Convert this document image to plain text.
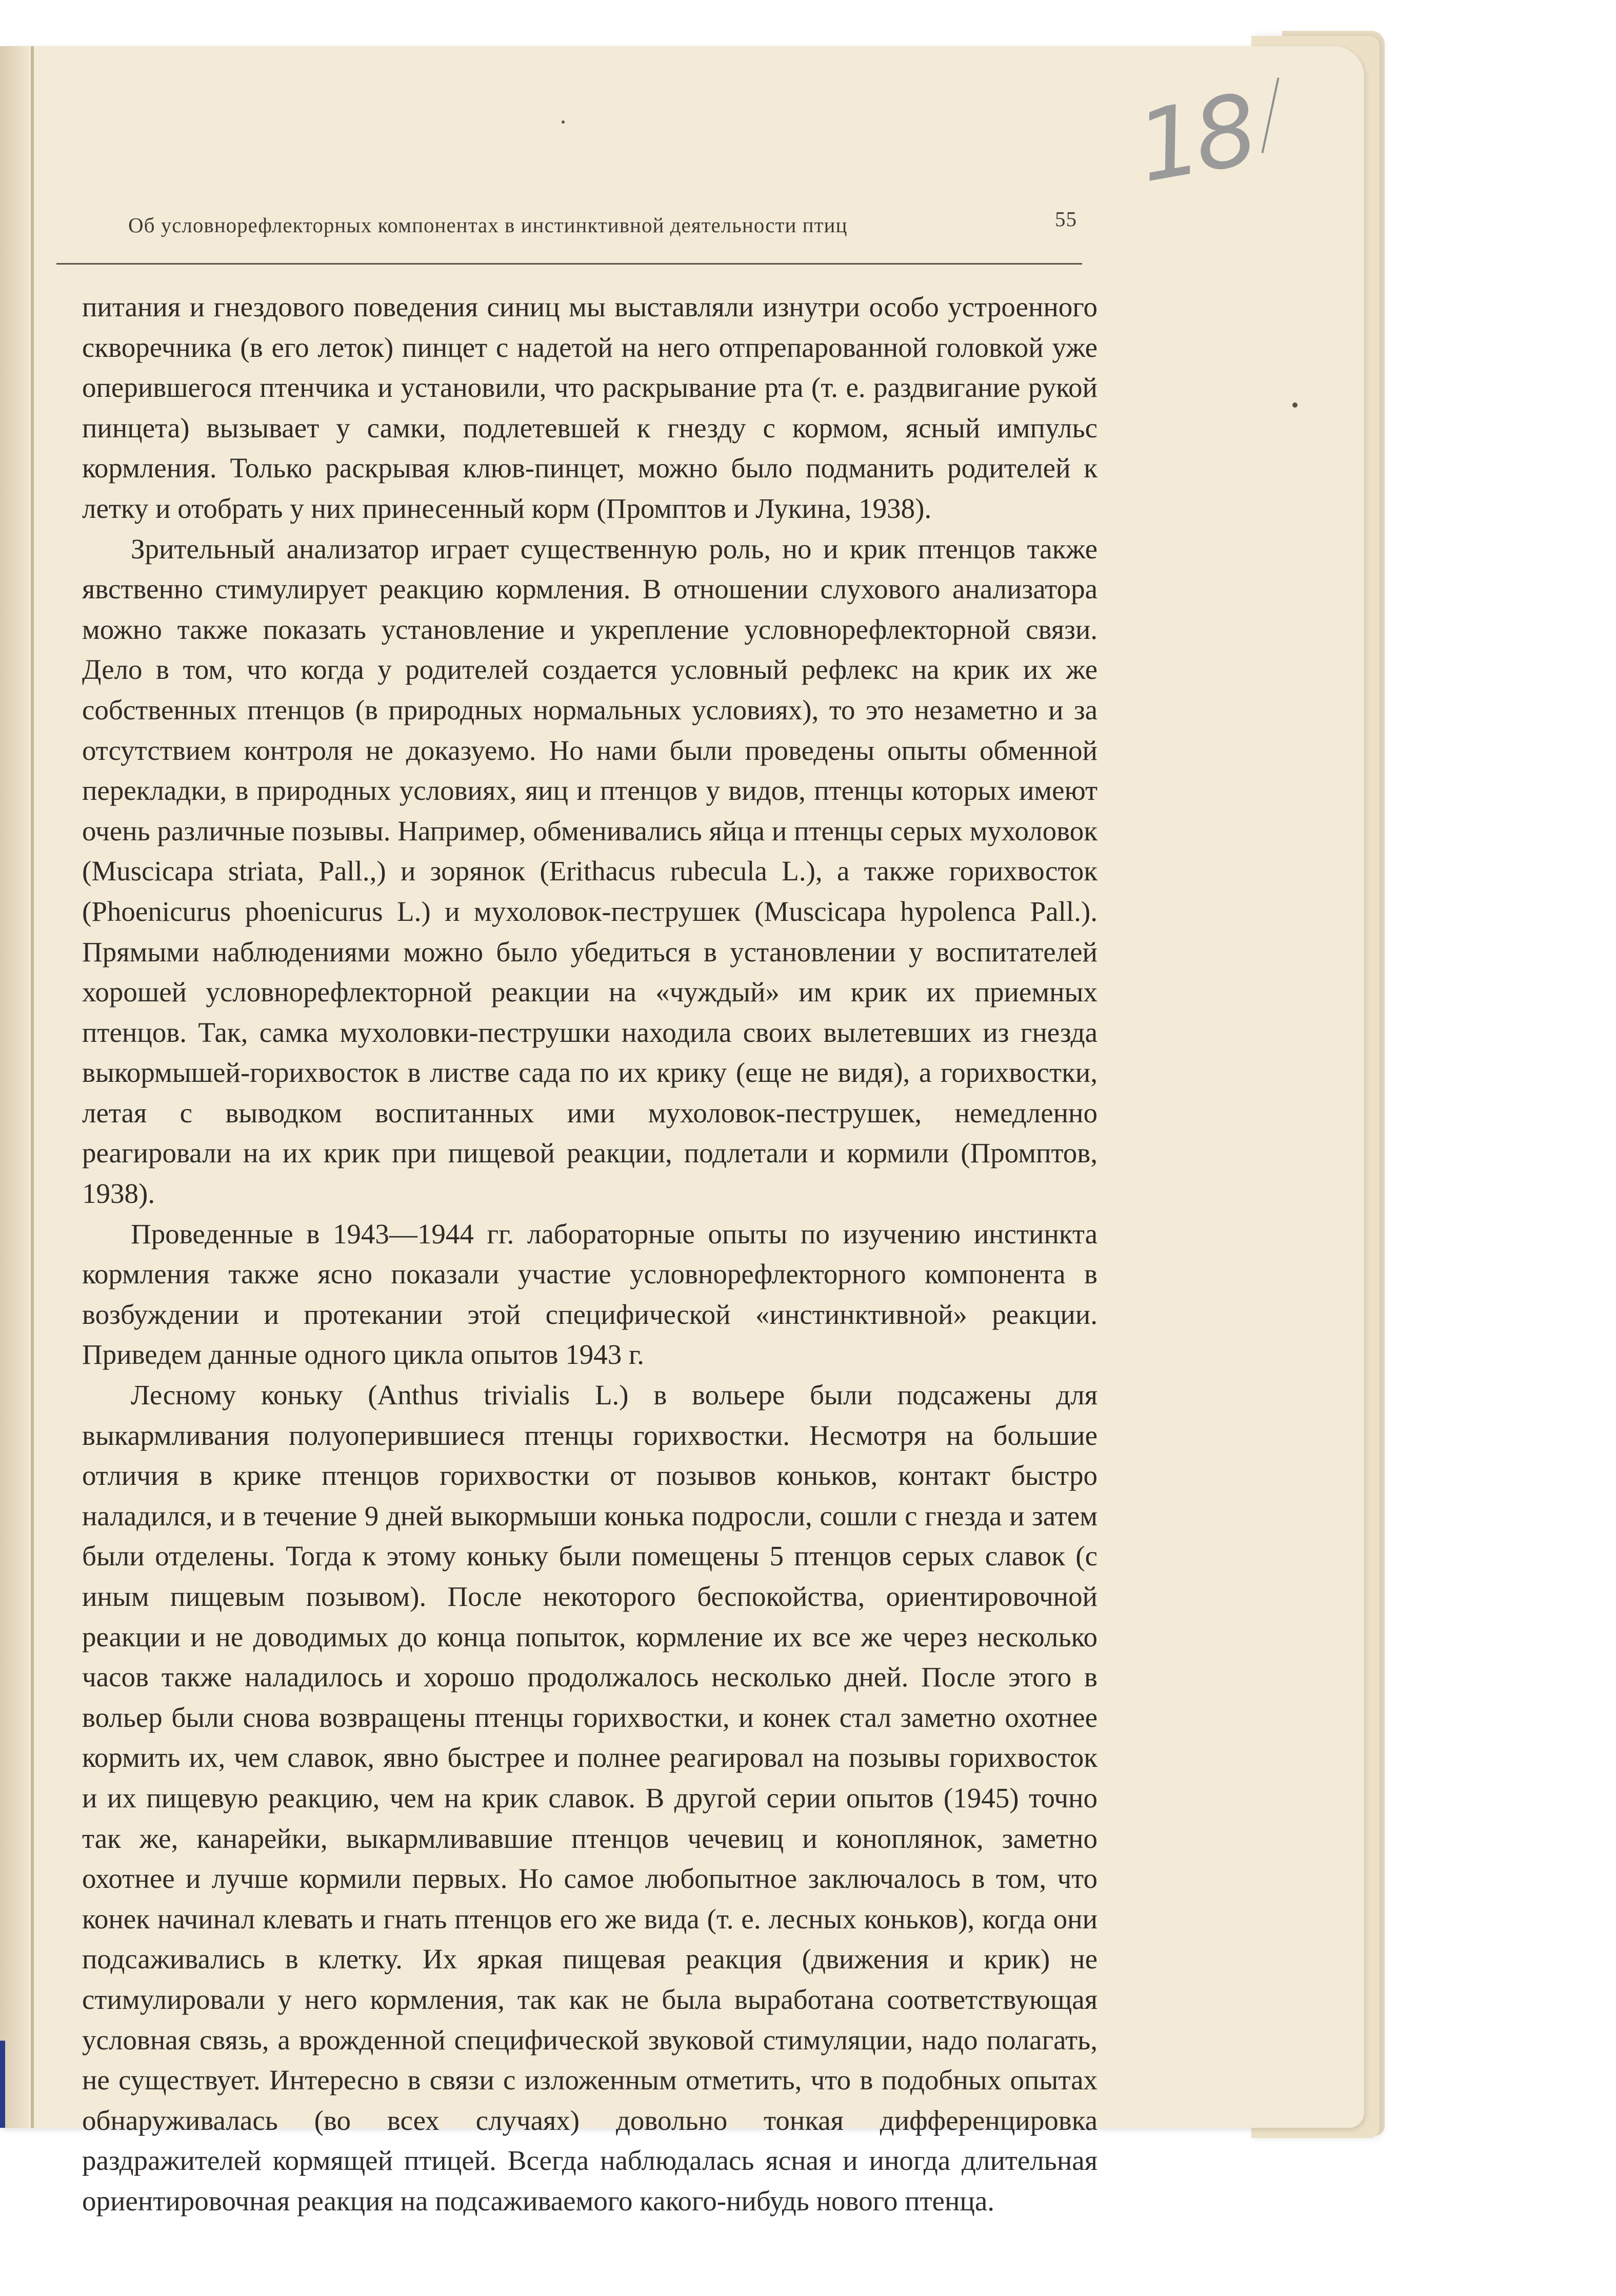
18
Об условнорефлекторных компонентах в инстинктивной деятельности птиц	55

питания и гнездового поведения синиц мы выставляли изнутри особо устроенного скворечника (в его леток) пинцет с надетой на него отпрепарованной головкой уже оперившегося птенчика и установили, что раскрывание рта (т. е. раздвигание рукой пинцета) вызывает у самки, подлетевшей к гнезду с кормом, ясный импульс кормления. Только раскрывая клюв-пинцет, можно было подманить родителей к летку и отобрать у них принесенный корм (Промптов и Лукина, 1938).

Зрительный анализатор играет существенную роль, но и крик птенцов также явственно стимулирует реакцию кормления. В отношении слухового анализатора можно также показать установление и укрепление условнорефлекторной связи. Дело в том, что когда у родителей создается условный рефлекс на крик их же собственных птенцов (в природных нормальных условиях), то это незаметно и за отсутствием контроля не доказуемо. Но нами были проведены опыты обменной перекладки, в природных условиях, яиц и птенцов у видов, птенцы которых имеют очень различные позывы. Например, обменивались яйца и птенцы серых мухоловок (Muscicapa striata, Pall.,) и зорянок (Erithacus rubecula L.), а также горихвосток (Phoenicurus phoenicurus L.) и мухоловок-пеструшек (Muscicapa hypolenca Pall.). Прямыми наблюдениями можно было убедиться в установлении у воспитателей хорошей условнорефлекторной реакции на «чуждый» им крик их приемных птенцов. Так, самка мухоловки-пеструшки находила своих вылетевших из гнезда выкормышей-горихвосток в листве сада по их крику (еще не видя), а горихвостки, летая с выводком воспитанных ими мухоловок-пеструшек, немедленно реагировали на их крик при пищевой реакции, подлетали и кормили (Промптов, 1938).

Проведенные в 1943—1944 гг. лабораторные опыты по изучению инстинкта кормления также ясно показали участие условнорефлекторного компонента в возбуждении и протекании этой специфической «инстинктивной» реакции. Приведем данные одного цикла опытов 1943 г.

Лесному коньку (Anthus trivialis L.) в вольере были подсажены для выкармливания полуоперившиеся птенцы горихвостки. Несмотря на большие отличия в крике птенцов горихвостки от позывов коньков, контакт быстро наладился, и в течение 9 дней выкормыши конька подросли, сошли с гнезда и затем были отделены. Тогда к этому коньку были помещены 5 птенцов серых славок (с иным пищевым позывом). После некоторого беспокойства, ориентировочной реакции и не доводимых до конца попыток, кормление их все же через несколько часов также наладилось и хорошо продолжалось несколько дней. После этого в вольер были снова возвращены птенцы горихвостки, и конек стал заметно охотнее кормить их, чем славок, явно быстрее и полнее реагировал на позывы горихвосток и их пищевую реакцию, чем на крик славок. В другой серии опытов (1945) точно так же, канарейки, выкармливавшие птенцов чечевиц и коноплянок, заметно охотнее и лучше кормили первых. Но самое любопытное заключалось в том, что конек начинал клевать и гнать птенцов его же вида (т. е. лесных коньков), когда они подсаживались в клетку. Их яркая пищевая реакция (движения и крик) не стимулировали у него кормления, так как не была выработана соответствующая условная связь, а врожденной специфической звуковой стимуляции, надо полагать, не существует. Интересно в связи с изложенным отметить, что в подобных опытах обнаруживалась (во всех случаях) довольно тонкая дифференцировка раздражителей кормящей птицей. Всегда наблюдалась ясная и иногда длительная ориентировочная реакция на подсаживаемого какого-нибудь нового птенца.
